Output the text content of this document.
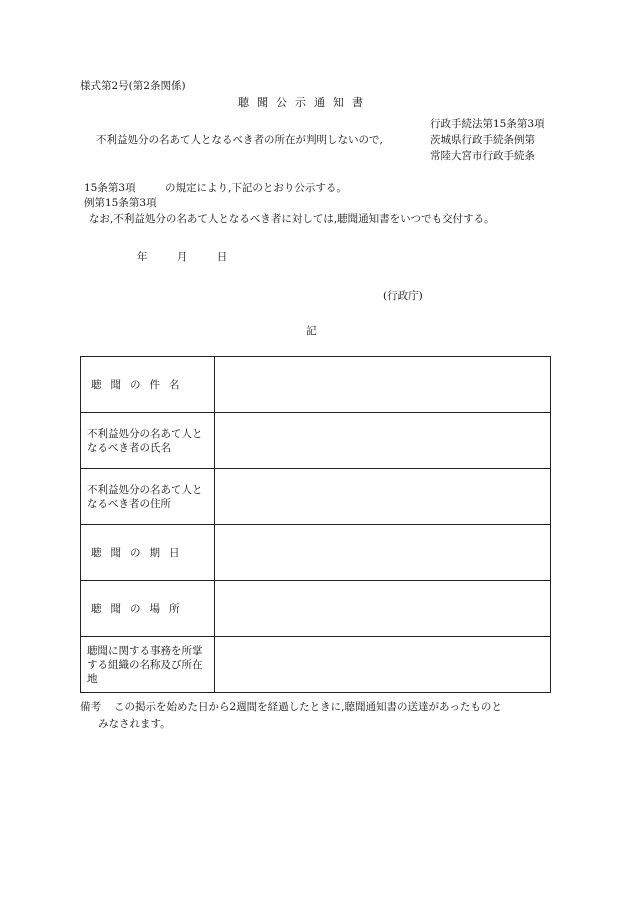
様式第2号(第2条関係)
聴聞公示通知書
行政手続法第15条第3項
茨城県行政手続条例第
常陸大宮市行政手続条
不利益処分の名あて人となるべき者の所在が判明しないので,
15条第3項	の規定により,下記のとおり公示する。
例第15条第3項
なお,不利益処分の名あて人となるべき者に対しては,聴聞通知書をいつでも交付する。
年	月	日
(行政庁)
記
聴聞の件名	
不利益処分の名あて人となるべき者の氏名	
不利益処分の名あて人となるべき者の住所	
聴聞の期日	
聴聞の場所	
聴聞に関する事務を所掌する組織の名称及び所在地	
備考 この掲示を始めた日から2週間を経過したときに,聴聞通知書の送達があったものと
みなされます。
